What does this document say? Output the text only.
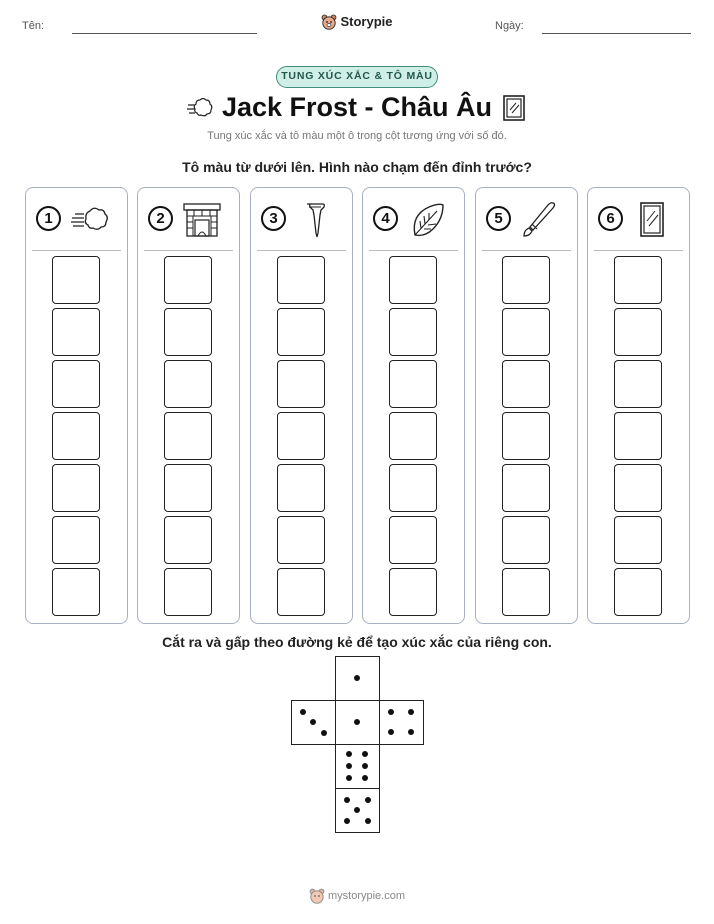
Tên:	Ngày:
Storypie
TUNG XÚC XẮC & TÔ MÀU
Jack Frost - Châu Âu
Tung xúc xắc và tô màu một ô trong cột tương ứng với số đó.
Tô màu từ dưới lên. Hình nào chạm đến đỉnh trước?
1	2	3	4	5	6
Cắt ra và gấp theo đường kẻ để tạo xúc xắc của riêng con.
mystorypie.com
